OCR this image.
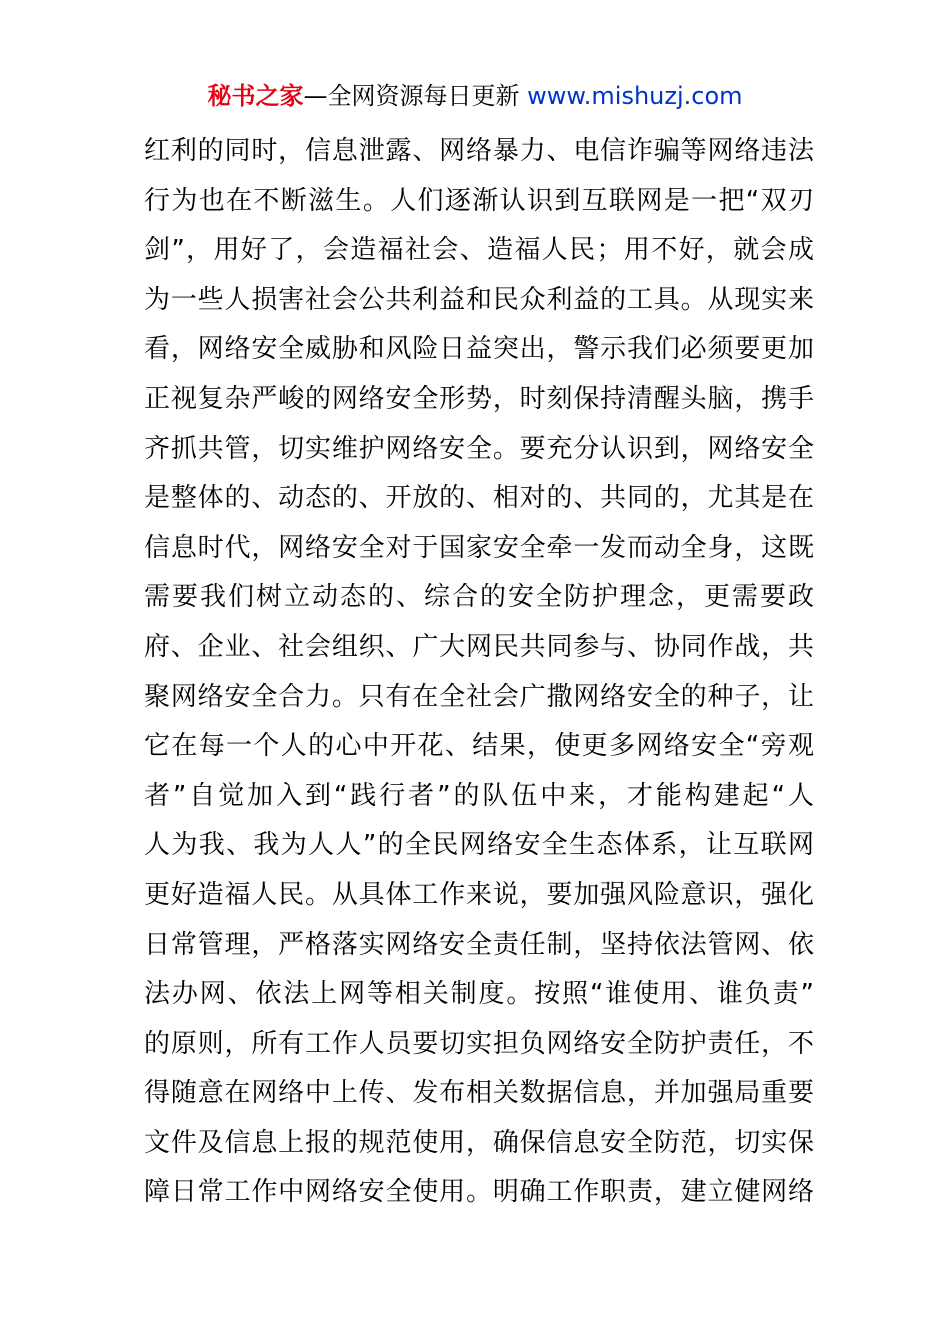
秘书之家—全网资源每日更新 www.mishuzj.com
红利的同时，信息泄露、网络暴力、电信诈骗等网络违法
行为也在不断滋生。人们逐渐认识到互联网是一把“双刃
剑”，用好了，会造福社会、造福人民；用不好，就会成
为一些人损害社会公共利益和民众利益的工具。从现实来
看，网络安全威胁和风险日益突出，警示我们必须要更加
正视复杂严峻的网络安全形势，时刻保持清醒头脑，携手
齐抓共管，切实维护网络安全。要充分认识到，网络安全
是整体的、动态的、开放的、相对的、共同的，尤其是在
信息时代，网络安全对于国家安全牵一发而动全身，这既
需要我们树立动态的、综合的安全防护理念，更需要政
府、企业、社会组织、广大网民共同参与、协同作战，共
聚网络安全合力。只有在全社会广撒网络安全的种子，让
它在每一个人的心中开花、结果，使更多网络安全“旁观
者”自觉加入到“践行者”的队伍中来，才能构建起“人
人为我、我为人人”的全民网络安全生态体系，让互联网
更好造福人民。从具体工作来说，要加强风险意识，强化
日常管理，严格落实网络安全责任制，坚持依法管网、依
法办网、依法上网等相关制度。按照“谁使用、谁负责”
的原则，所有工作人员要切实担负网络安全防护责任，不
得随意在网络中上传、发布相关数据信息，并加强局重要
文件及信息上报的规范使用，确保信息安全防范，切实保
障日常工作中网络安全使用。明确工作职责，建立健网络
